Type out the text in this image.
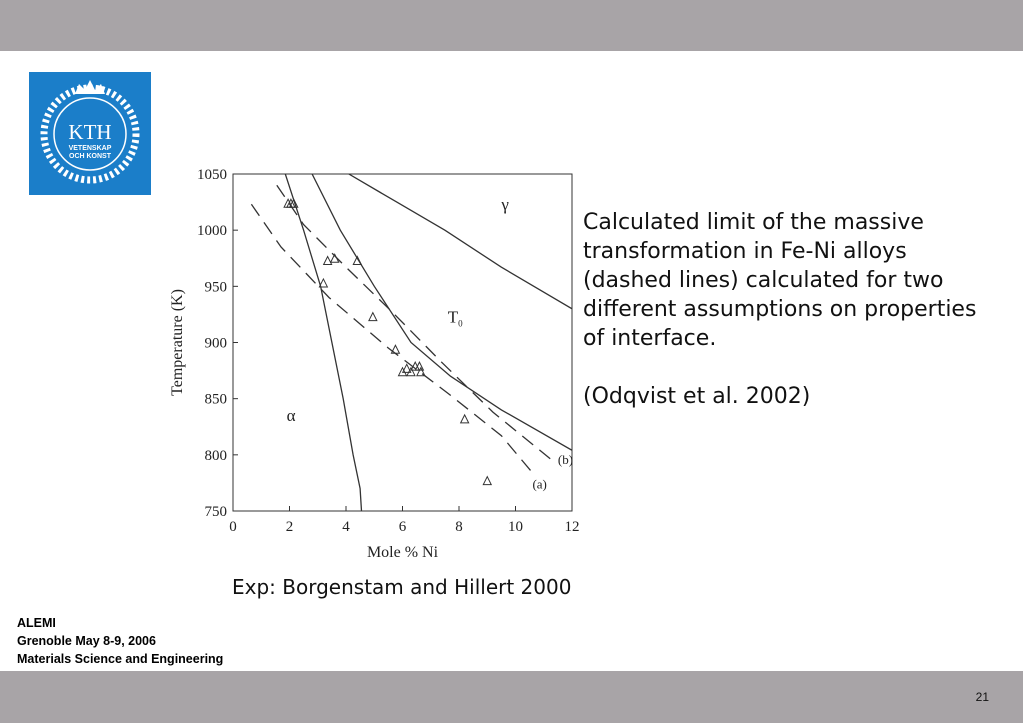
KTH
VETENSKAP
OCH KONST
0	2	4	6	8	10	12
750
800
850
900
950
1000
1050
Mole % Ni
Temperature (K)
γ
α
$T_0$
(b)
(a)

Calculated limit of the massive transformation in Fe-Ni alloys (dashed lines) calculated for two different assumptions on properties of interface.

(Odqvist et al. 2002)

Exp: Borgenstam and Hillert 2000
ALEMI
Grenoble May 8-9, 2006
Materials Science and Engineering
21
